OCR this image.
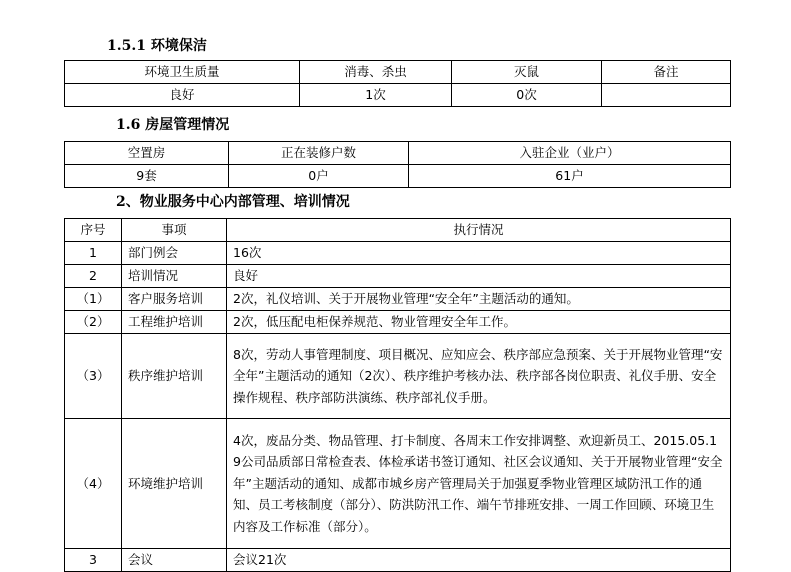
1.5.1 环境保洁
环境卫生质量	消毒、杀虫	灭鼠	备注
良好	1次	0次	
1.6 房屋管理情况
空置房	正在装修户数	入驻企业（业户）
9套	0户	61户
2、物业服务中心内部管理、培训情况
序号	事项	执行情况
1	部门例会	16次
2	培训情况	良好
（1）	客户服务培训	2次，礼仪培训、关于开展物业管理“安全年”主题活动的通知。
（2）	工程维护培训	2次，低压配电柜保养规范、物业管理安全年工作。
（3）	秩序维护培训	8次，劳动人事管理制度、项目概况、应知应会、秩序部应急预案、关于开展物业管理“安全年”主题活动的通知（2次）、秩序维护考核办法、秩序部各岗位职责、礼仪手册、安全操作规程、秩序部防洪演练、秩序部礼仪手册。
（4）	环境维护培训	4次，废品分类、物品管理、打卡制度、各周末工作安排调整、欢迎新员工、2015.05.19公司品质部日常检查表、体检承诺书签订通知、社区会议通知、关于开展物业管理“安全年”主题活动的通知、成都市城乡房产管理局关于加强夏季物业管理区域防汛工作的通知、员工考核制度（部分）、防洪防汛工作、端午节排班安排、一周工作回顾、环境卫生内容及工作标准（部分）。
3	会议	会议21次
